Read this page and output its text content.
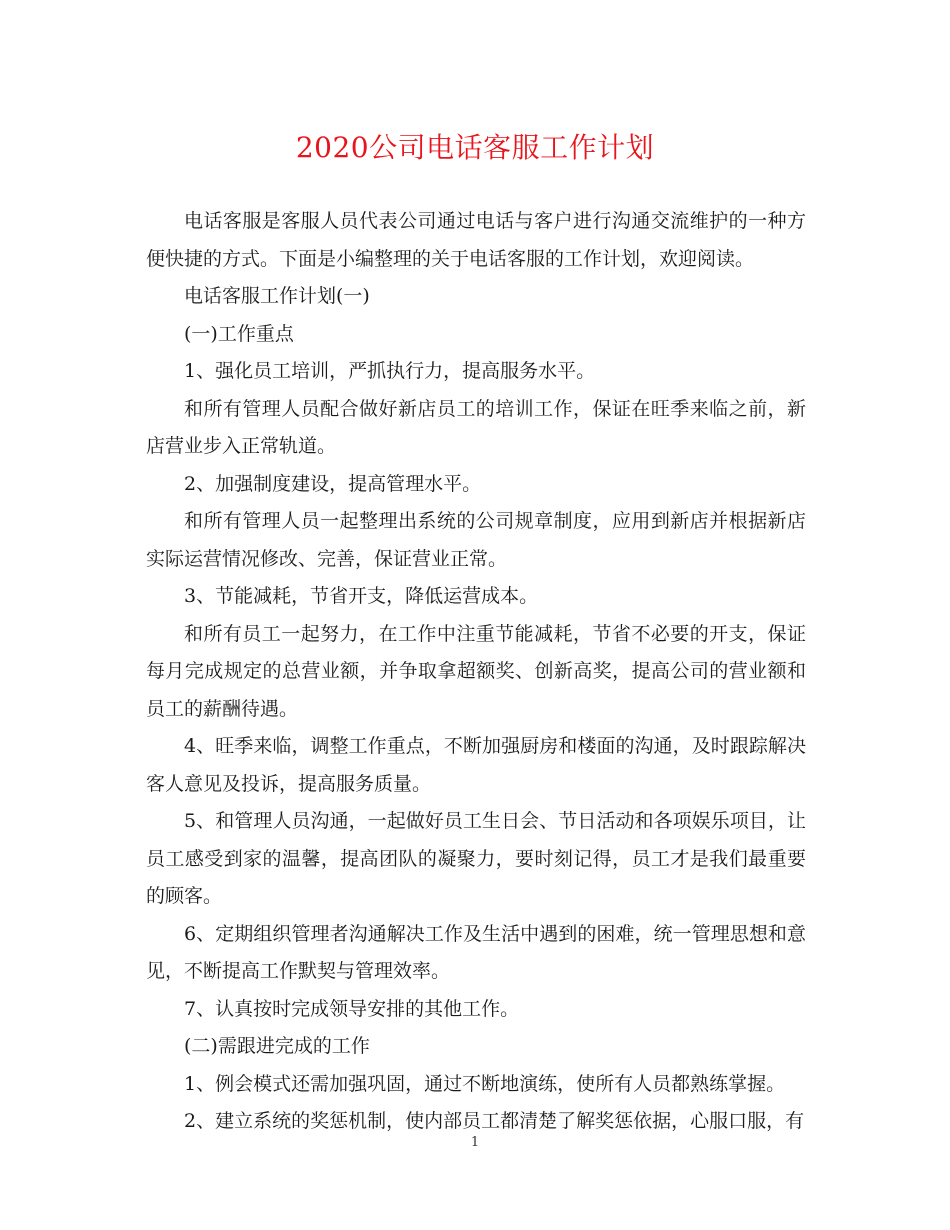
2020公司电话客服工作计划

电话客服是客服人员代表公司通过电话与客户进行沟通交流维护的一种方便快捷的方式。下面是小编整理的关于电话客服的工作计划，欢迎阅读。

电话客服工作计划(一)

(一)工作重点

1、强化员工培训，严抓执行力，提高服务水平。

和所有管理人员配合做好新店员工的培训工作，保证在旺季来临之前，新店营业步入正常轨道。

2、加强制度建设，提高管理水平。

和所有管理人员一起整理出系统的公司规章制度，应用到新店并根据新店实际运营情况修改、完善，保证营业正常。

3、节能减耗，节省开支，降低运营成本。

和所有员工一起努力，在工作中注重节能减耗，节省不必要的开支，保证每月完成规定的总营业额，并争取拿超额奖、创新高奖，提高公司的营业额和员工的薪酬待遇。

4、旺季来临，调整工作重点，不断加强厨房和楼面的沟通，及时跟踪解决客人意见及投诉，提高服务质量。

5、和管理人员沟通，一起做好员工生日会、节日活动和各项娱乐项目，让员工感受到家的温馨，提高团队的凝聚力，要时刻记得，员工才是我们最重要的顾客。

6、定期组织管理者沟通解决工作及生活中遇到的困难，统一管理思想和意见，不断提高工作默契与管理效率。

7、认真按时完成领导安排的其他工作。

(二)需跟进完成的工作

1、例会模式还需加强巩固，通过不断地演练，使所有人员都熟练掌握。

2、建立系统的奖惩机制，使内部员工都清楚了解奖惩依据，心服口服，有

1
